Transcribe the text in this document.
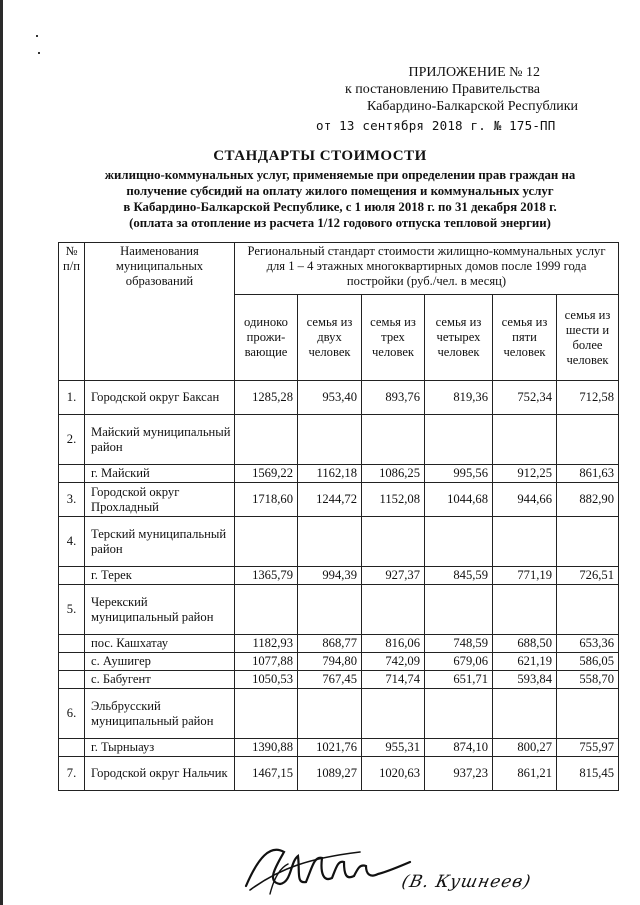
ПРИЛОЖЕНИЕ № 12
к постановлению Правительства
Кабардино-Балкарской Республики
от 13 сентября 2018 г. № 175-ПП
СТАНДАРТЫ СТОИМОСТИ
жилищно-коммунальных услуг, применяемые при определении прав граждан на
получение субсидий на оплату жилого помещения и коммунальных услуг
в Кабардино-Балкарской Республике, с 1 июля 2018 г. по 31 декабря 2018 г.
(оплата за отопление из расчета 1/12 годового отпуска тепловой энергии)
№ п/п	Наименования муниципальных образований	Региональный стандарт стоимости жилищно-коммунальных услуг для 1 – 4 этажных многоквартирных домов после 1999 года постройки (руб./чел. в месяц)					
		одиноко прожи-вающие	семья из двух человек	семья из трех человек	семья из четырех человек	семья из пяти человек	семья из шести и более человек
1.	Городской округ Баксан	1285,28	953,40	893,76	819,36	752,34	712,58
2.	Майский муниципальный район						
	г. Майский	1569,22	1162,18	1086,25	995,56	912,25	861,63
3.	Городской округ Прохладный	1718,60	1244,72	1152,08	1044,68	944,66	882,90
4.	Терский муниципальный район						
	г. Терек	1365,79	994,39	927,37	845,59	771,19	726,51
5.	Черекский муниципальный район						
	пос. Кашхатау	1182,93	868,77	816,06	748,59	688,50	653,36
	с. Аушигер	1077,88	794,80	742,09	679,06	621,19	586,05
	с. Бабугент	1050,53	767,45	714,74	651,71	593,84	558,70
6.	Эльбрусский муниципальный район						
	г. Тырныауз	1390,88	1021,76	955,31	874,10	800,27	755,97
7.	Городской округ Нальчик	1467,15	1089,27	1020,63	937,23	861,21	815,45
(В. Кушнеев)
